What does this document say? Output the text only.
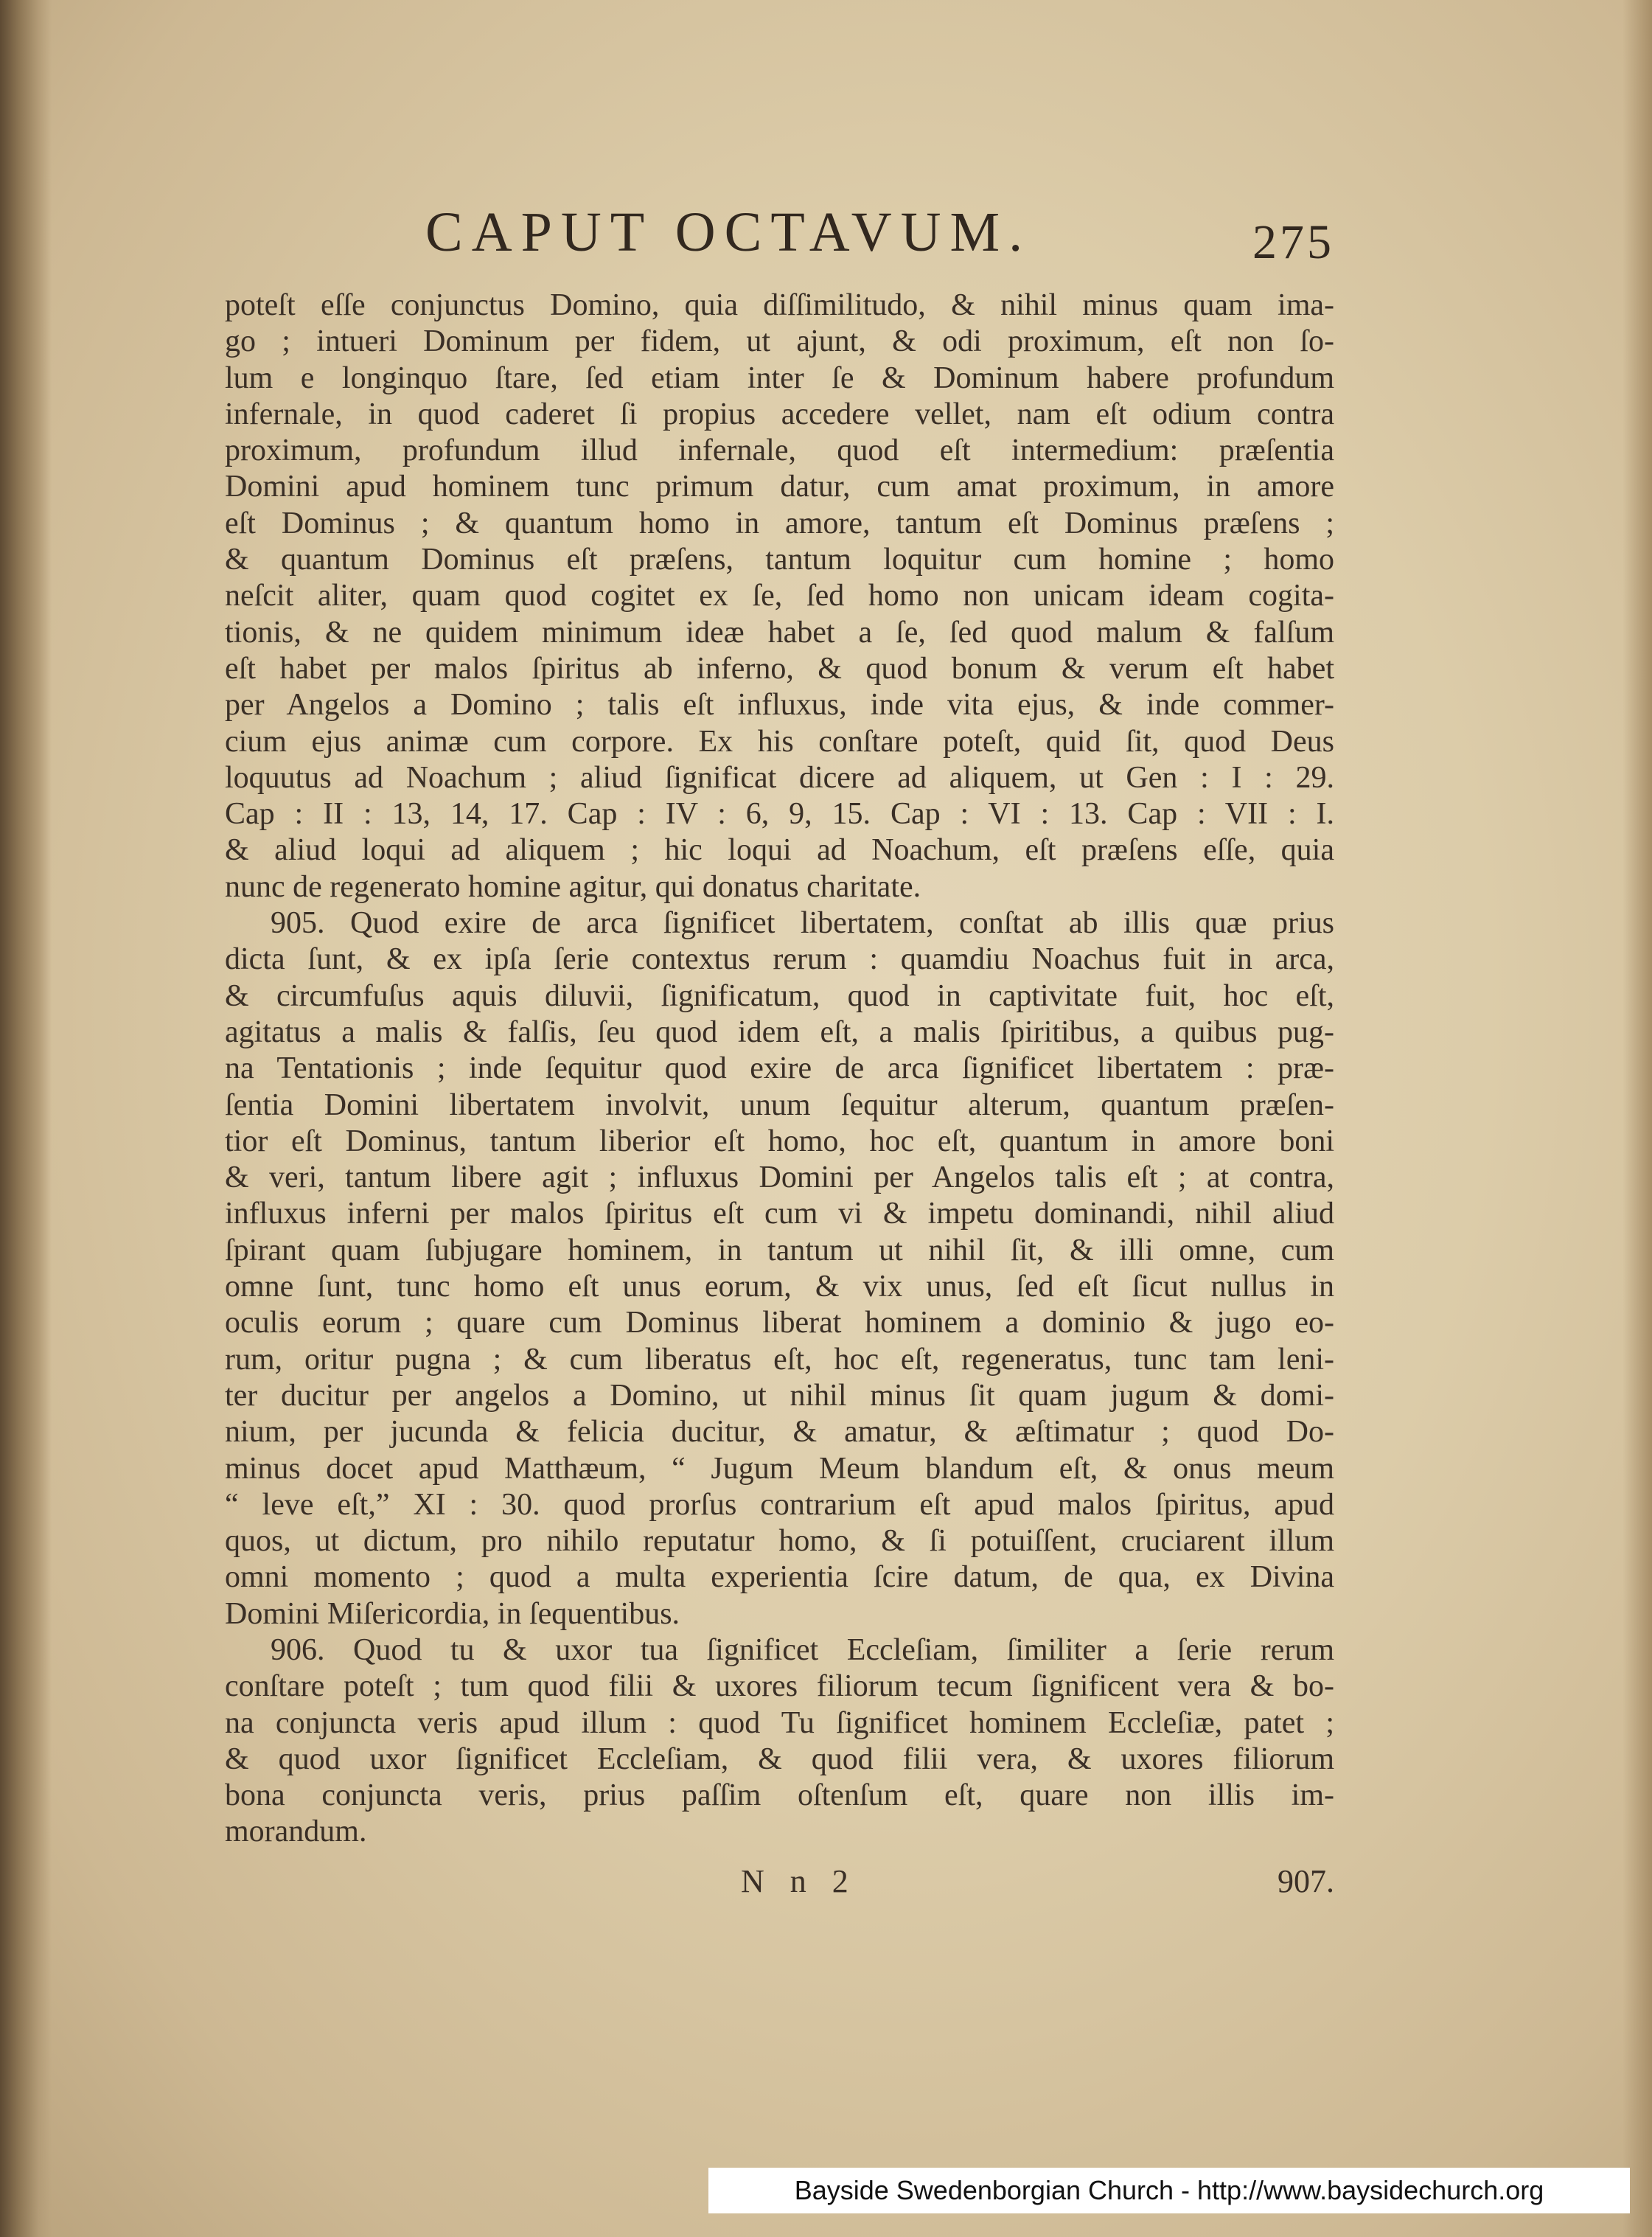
CAPUT OCTAVUM.	275
poteſt eſſe conjunctus Domino, quia diſſimilitudo, & nihil minus quam ima-
go ; intueri Dominum per fidem, ut ajunt, & odi proximum, eſt non ſo-
lum e longinquo ſtare, ſed etiam inter ſe & Dominum habere profundum
infernale, in quod caderet ſi propius accedere vellet, nam eſt odium contra
proximum, profundum illud infernale, quod eſt intermedium: præſentia
Domini apud hominem tunc primum datur, cum amat proximum, in amore
eſt Dominus ; & quantum homo in amore, tantum eſt Dominus præſens ;
& quantum Dominus eſt præſens, tantum loquitur cum homine ; homo
neſcit aliter, quam quod cogitet ex ſe, ſed homo non unicam ideam cogita-
tionis, & ne quidem minimum ideæ habet a ſe, ſed quod malum & falſum
eſt habet per malos ſpiritus ab inferno, & quod bonum & verum eſt habet
per Angelos a Domino ; talis eſt influxus, inde vita ejus, & inde commer-
cium ejus animæ cum corpore. Ex his conſtare poteſt, quid ſit, quod Deus
loquutus ad Noachum ; aliud ſignificat dicere ad aliquem, ut Gen : I : 29.
Cap : II : 13, 14, 17. Cap : IV : 6, 9, 15. Cap : VI : 13. Cap : VII : I.
& aliud loqui ad aliquem ; hic loqui ad Noachum, eſt præſens eſſe, quia
nunc de regenerato homine agitur, qui donatus charitate.
905. Quod exire de arca ſignificet libertatem, conſtat ab illis quæ prius
dicta ſunt, & ex ipſa ſerie contextus rerum : quamdiu Noachus fuit in arca,
& circumfuſus aquis diluvii, ſignificatum, quod in captivitate fuit, hoc eſt,
agitatus a malis & falſis, ſeu quod idem eſt, a malis ſpiritibus, a quibus pug-
na Tentationis ; inde ſequitur quod exire de arca ſignificet libertatem : præ-
ſentia Domini libertatem involvit, unum ſequitur alterum, quantum præſen-
tior eſt Dominus, tantum liberior eſt homo, hoc eſt, quantum in amore boni
& veri, tantum libere agit ; influxus Domini per Angelos talis eſt ; at contra,
influxus inferni per malos ſpiritus eſt cum vi & impetu dominandi, nihil aliud
ſpirant quam ſubjugare hominem, in tantum ut nihil ſit, & illi omne, cum
omne ſunt, tunc homo eſt unus eorum, & vix unus, ſed eſt ſicut nullus in
oculis eorum ; quare cum Dominus liberat hominem a dominio & jugo eo-
rum, oritur pugna ; & cum liberatus eſt, hoc eſt, regeneratus, tunc tam leni-
ter ducitur per angelos a Domino, ut nihil minus ſit quam jugum & domi-
nium, per jucunda & felicia ducitur, & amatur, & æſtimatur ; quod Do-
minus docet apud Matthæum, “ Jugum Meum blandum eſt, & onus meum
“ leve eſt,” XI : 30. quod prorſus contrarium eſt apud malos ſpiritus, apud
quos, ut dictum, pro nihilo reputatur homo, & ſi potuiſſent, cruciarent illum
omni momento ; quod a multa experientia ſcire datum, de qua, ex Divina
Domini Miſericordia, in ſequentibus.
906. Quod tu & uxor tua ſignificet Eccleſiam, ſimiliter a ſerie rerum
conſtare poteſt ; tum quod filii & uxores filiorum tecum ſignificent vera & bo-
na conjuncta veris apud illum : quod Tu ſignificet hominem Eccleſiæ, patet ;
& quod uxor ſignificet Eccleſiam, & quod filii vera, & uxores filiorum
bona conjuncta veris, prius paſſim oſtenſum eſt, quare non illis im-
morandum.
N n 2	907.
Bayside Swedenborgian Church - http://www.baysidechurch.org
